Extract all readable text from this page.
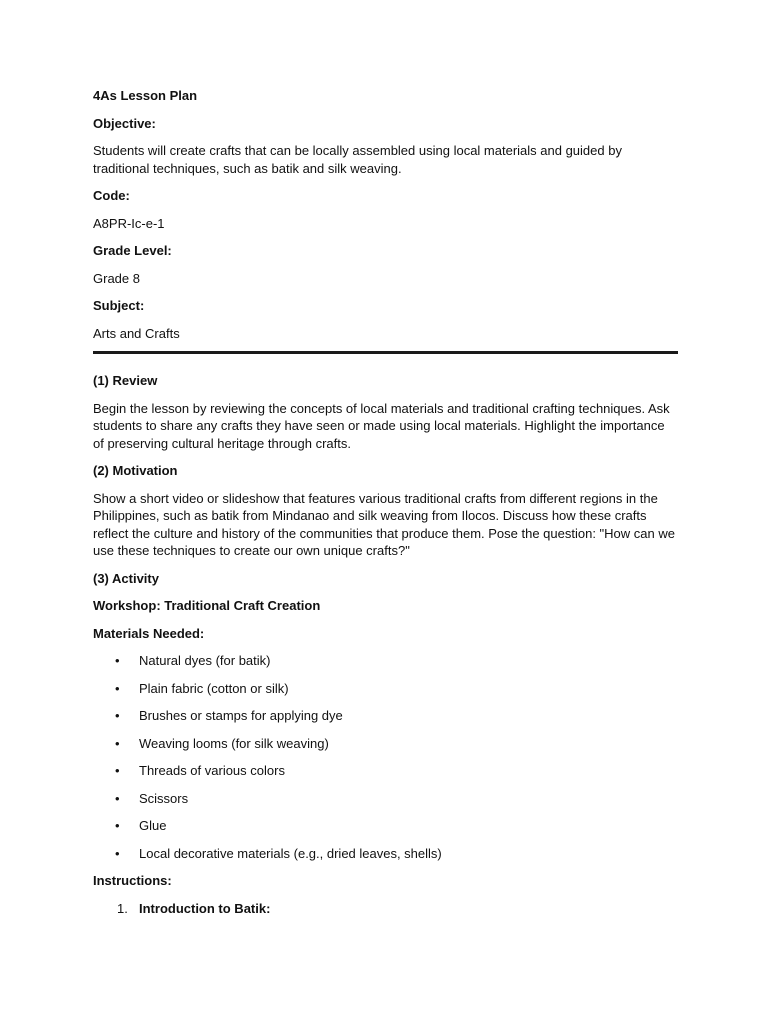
4As Lesson Plan
Objective:
Students will create crafts that can be locally assembled using local materials and guided by traditional techniques, such as batik and silk weaving.
Code:
A8PR-Ic-e-1
Grade Level:
Grade 8
Subject:
Arts and Crafts
(1) Review
Begin the lesson by reviewing the concepts of local materials and traditional crafting techniques. Ask students to share any crafts they have seen or made using local materials. Highlight the importance of preserving cultural heritage through crafts.
(2) Motivation
Show a short video or slideshow that features various traditional crafts from different regions in the Philippines, such as batik from Mindanao and silk weaving from Ilocos. Discuss how these crafts reflect the culture and history of the communities that produce them. Pose the question: "How can we use these techniques to create our own unique crafts?"
(3) Activity
Workshop: Traditional Craft Creation
Materials Needed:
• Natural dyes (for batik)
• Plain fabric (cotton or silk)
• Brushes or stamps for applying dye
• Weaving looms (for silk weaving)
• Threads of various colors
• Scissors
• Glue
• Local decorative materials (e.g., dried leaves, shells)
Instructions:
1. Introduction to Batik:
